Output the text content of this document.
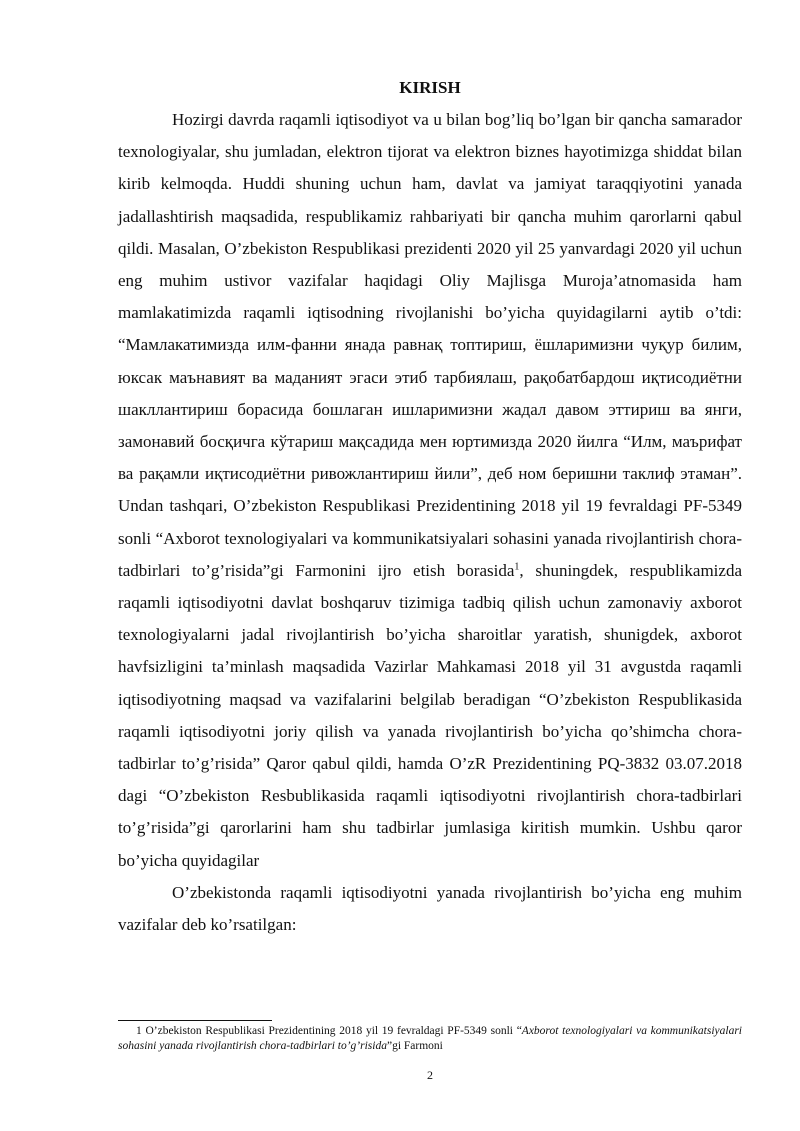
KIRISH

Hozirgi davrda raqamli iqtisodiyot va u bilan bog’liq bo’lgan bir qancha samarador texnologiyalar, shu jumladan, elektron tijorat va elektron biznes hayotimizga shiddat bilan kirib kelmoqda. Huddi shuning uchun ham, davlat va jamiyat taraqqiyotini yanada jadallashtirish maqsadida, respublikamiz rahbariyati bir qancha muhim qarorlarni qabul qildi. Masalan, O’zbekiston Respublikasi prezidenti 2020 yil 25 yanvardagi 2020 yil uchun eng muhim ustivor vazifalar haqidagi Oliy Majlisga Muroja’atnomasida ham mamlakatimizda raqamli iqtisodning rivojlanishi bo’yicha quyidagilarni aytib o’tdi: “Мамлакатимизда илм-фанни янада равнақ топтириш, ёшларимизни чуқур билим, юксак маънавият ва маданият эгаси этиб тарбиялаш, рақобатбардош иқтисодиётни шакллантириш борасида бошлаган ишларимизни жадал давом эттириш ва янги, замонавий босқичга кўтариш мақсадида мен юртимизда 2020 йилга “Илм, маърифат ва рақамли иқтисодиётни ривожлантириш йили”, деб ном беришни таклиф этаман”. Undan tashqari, O’zbekiston Respublikasi Prezidentining 2018 yil 19 fevraldagi PF-5349 sonli “Axborot texnologiyalari va kommunikatsiyalari sohasini yanada rivojlantirish chora-tadbirlari to’g’risida”gi Farmonini ijro etish borasida$^1$, shuningdek, respublikamizda raqamli iqtisodiyotni davlat boshqaruv tizimiga tadbiq qilish uchun zamonaviy axborot texnologiyalarni jadal rivojlantirish bo’yicha sharoitlar yaratish, shunigdek, axborot havfsizligini ta’minlash maqsadida Vazirlar Mahkamasi 2018 yil 31 avgustda raqamli iqtisodiyotning maqsad va vazifalarini belgilab beradigan “O’zbekiston Respublikasida raqamli iqtisodiyotni joriy qilish va yanada rivojlantirish bo’yicha qo’shimcha chora-tadbirlar to’g’risida” Qaror qabul qildi, hamda O’zR Prezidentining PQ-3832 03.07.2018 dagi “O’zbekiston Resbublikasida raqamli iqtisodiyotni rivojlantirish chora-tadbirlari to’g’risida”gi qarorlarini ham shu tadbirlar jumlasiga kiritish mumkin. Ushbu qaror bo’yicha quyidagilar

O’zbekistonda raqamli iqtisodiyotni yanada rivojlantirish bo’yicha eng muhim vazifalar deb ko’rsatilgan:

1 O’zbekiston Respublikasi Prezidentining 2018 yil 19 fevraldagi PF-5349 sonli “Axborot texnologiyalari va kommunikatsiyalari sohasini yanada rivojlantirish chora-tadbirlari to’g’risida”gi Farmoni
2
